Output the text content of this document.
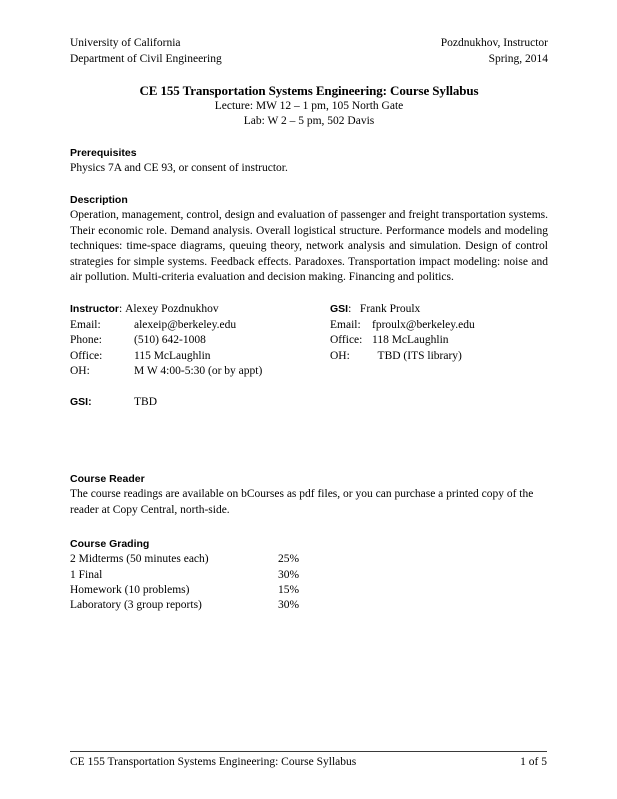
University of California
Department of Civil Engineering
Pozdnukhov, Instructor
Spring, 2014
CE 155 Transportation Systems Engineering: Course Syllabus
Lecture: MW 12 – 1 pm, 105 North Gate
Lab: W 2 – 5 pm, 502 Davis
Prerequisites
Physics 7A and CE 93, or consent of instructor.
Description
Operation, management, control, design and evaluation of passenger and freight transportation systems. Their economic role. Demand analysis. Overall logistical structure. Performance models and modeling techniques: time-space diagrams, queuing theory, network analysis and simulation. Design of control strategies for simple systems. Feedback effects. Paradoxes. Transportation impact modeling: noise and air pollution. Multi-criteria evaluation and decision making. Financing and politics.
Instructor : Alexey Pozdnukhov
Email:	alexeip@berkeley.edu
Phone:	(510) 642-1008
Office:	115 McLaughlin
OH:	M W 4:00-5:30 (or by appt)
GSI:	TBD
GSI : Frank Proulx
Email: fproulx@berkeley.edu
Office: 118 McLaughlin
OH:	TBD (ITS library)
Course Reader
The course readings are available on bCourses as pdf files, or you can purchase a printed copy of the reader at Copy Central, north-side.
Course Grading
2 Midterms (50 minutes each)	25%
1 Final	30%
Homework (10 problems)	15%
Laboratory (3 group reports)	30%
CE 155 Transportation Systems Engineering: Course Syllabus	1 of 5
